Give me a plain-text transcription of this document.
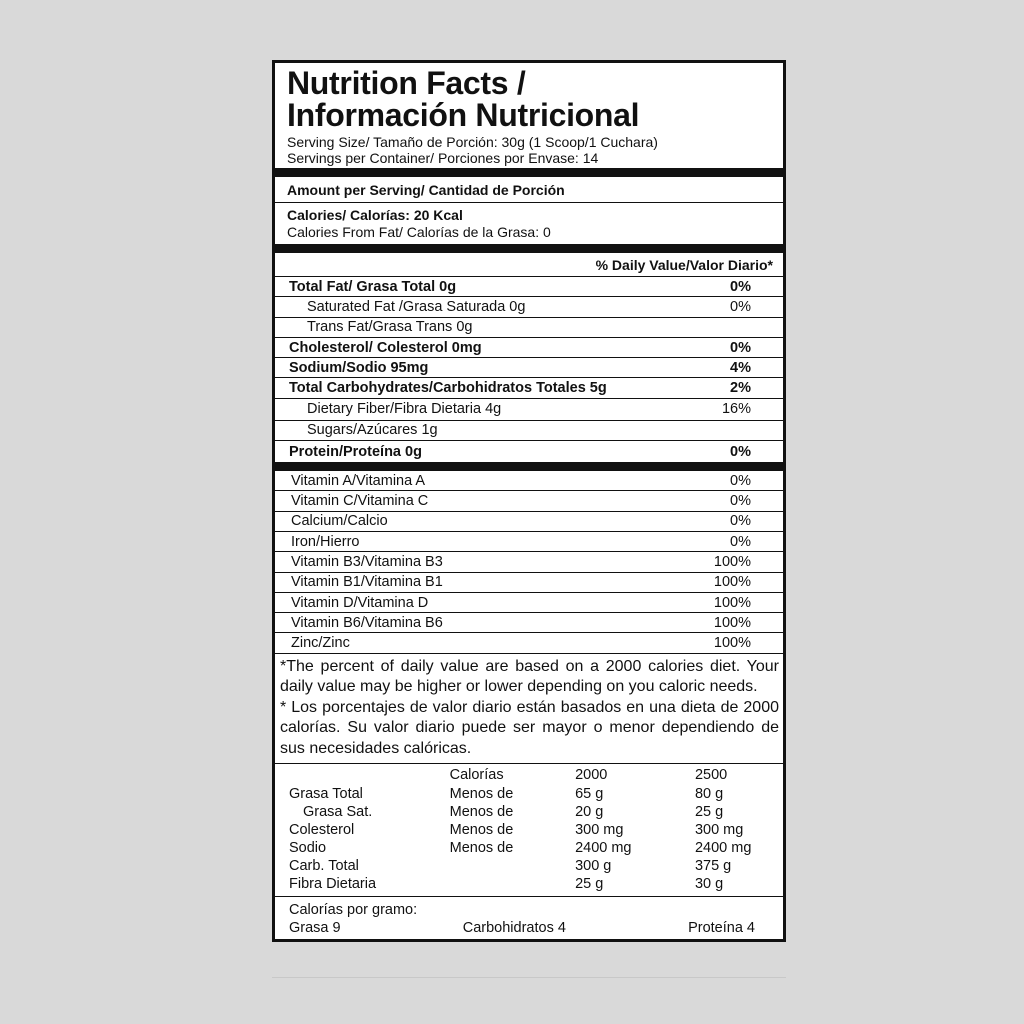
Nutrition Facts /
Información Nutricional
Serving Size/ Tamaño de Porción: 30g (1 Scoop/1 Cuchara)
Servings per Container/ Porciones por Envase: 14
Amount per Serving/ Cantidad de Porción
Calories/ Calorías: 20 Kcal
Calories From Fat/ Calorías de la Grasa: 0
% Daily Value/Valor Diario*
Total Fat/ Grasa Total 0g	0%
Saturated Fat /Grasa Saturada 0g	0%
Trans Fat/Grasa Trans 0g
Cholesterol/ Colesterol 0mg	0%
Sodium/Sodio 95mg	4%
Total Carbohydrates/Carbohidratos Totales 5g	2%
Dietary Fiber/Fibra Dietaria 4g	16%
Sugars/Azúcares 1g
Protein/Proteína 0g	0%
Vitamin A/Vitamina A	0%
Vitamin C/Vitamina C	0%
Calcium/Calcio	0%
Iron/Hierro	0%
Vitamin B3/Vitamina B3	100%
Vitamin B1/Vitamina B1	100%
Vitamin D/Vitamina D	100%
Vitamin B6/Vitamina B6	100%
Zinc/Zinc	100%
*The percent of daily value are based on a 2000 calories diet. Your daily value may be higher or lower depending on you caloric needs.
* Los porcentajes de valor diario están basados en una dieta de 2000 calorías. Su valor diario puede ser mayor o menor dependiendo de sus necesidades calóricas.
	Calorías	2000	2500
Grasa Total	Menos de	65 g	80 g
Grasa Sat.	Menos de	20 g	25 g
Colesterol	Menos de	300 mg	300 mg
Sodio	Menos de	2400 mg	2400 mg
Carb. Total		300 g	375 g
Fibra Dietaria		25 g	30 g
Calorías por gramo:
Grasa 9	Carbohidratos 4	Proteína 4
